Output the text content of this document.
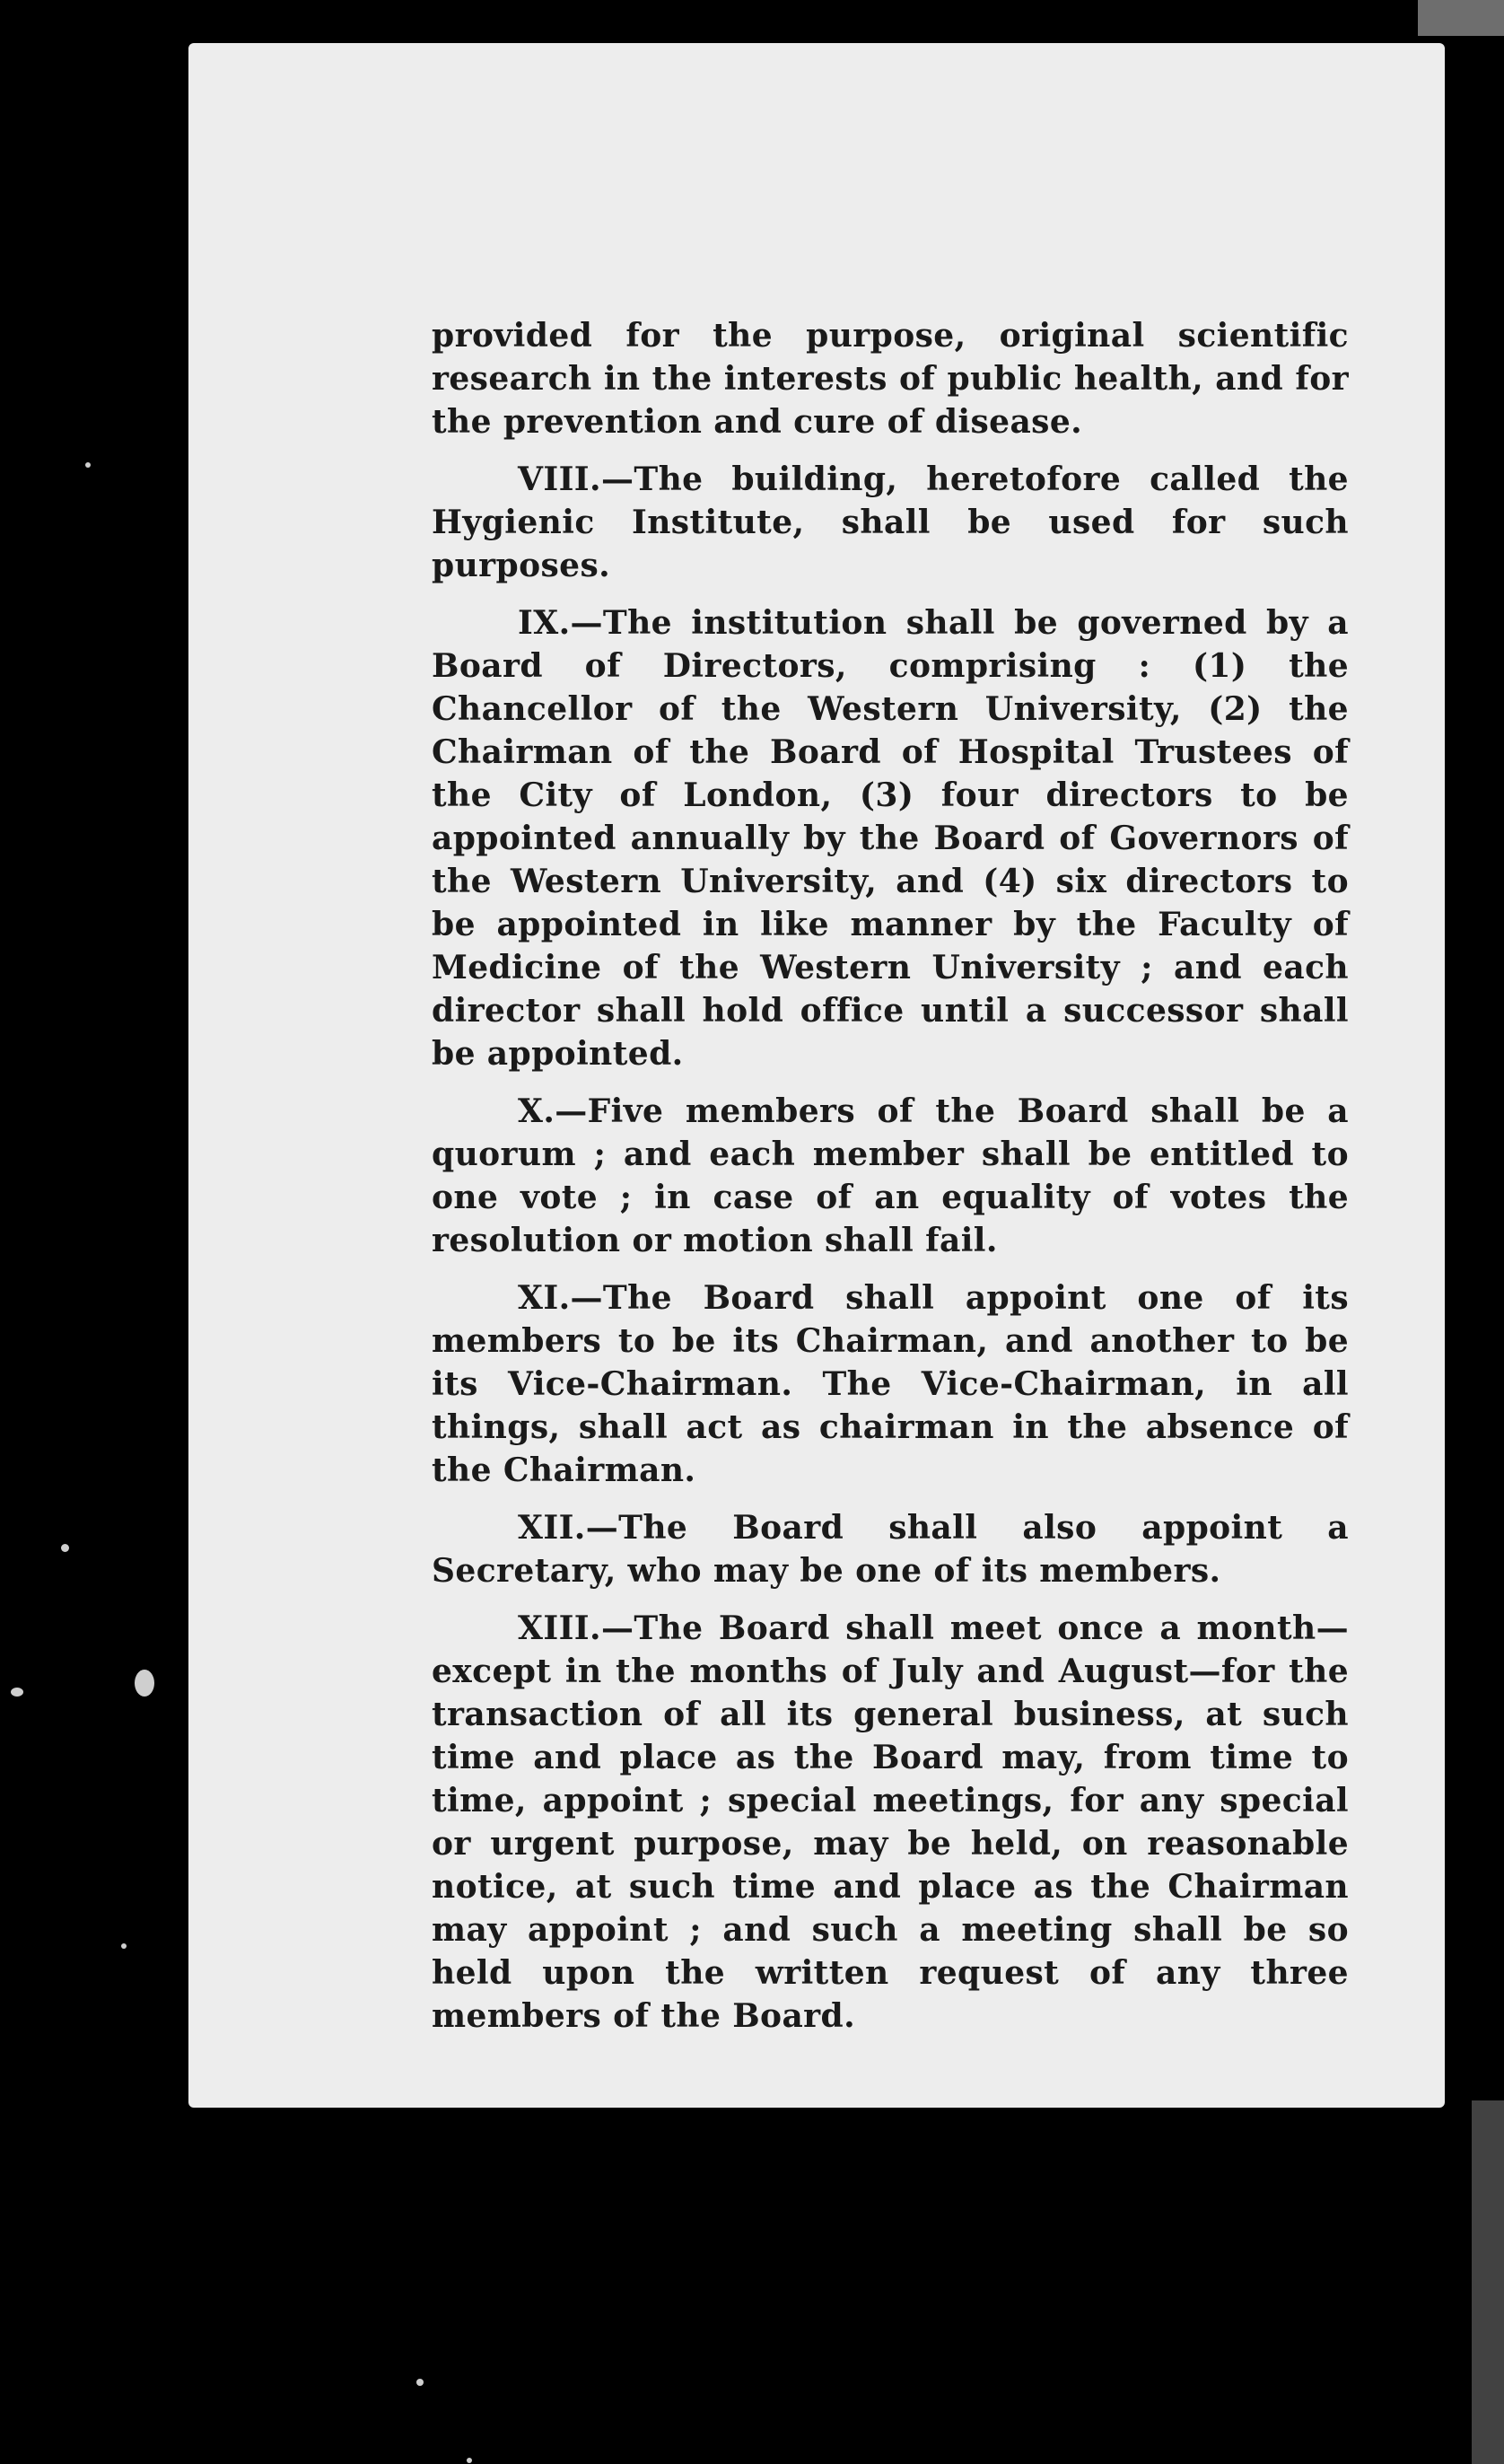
provided for the purpose, original scientific research in the interests of public health, and for the prevention and cure of disease.

VIII.—The building, heretofore called the Hygienic Institute, shall be used for such purposes.

IX.—The institution shall be governed by a Board of Directors, comprising : (1) the Chancellor of the Western University, (2) the Chairman of the Board of Hospital Trustees of the City of London, (3) four directors to be appointed annually by the Board of Governors of the Western University, and (4) six directors to be appointed in like manner by the Faculty of Medicine of the Western University ; and each director shall hold office until a successor shall be appointed.

X.—Five members of the Board shall be a quorum ; and each member shall be entitled to one vote ; in case of an equality of votes the resolution or motion shall fail.

XI.—The Board shall appoint one of its members to be its Chairman, and another to be its Vice-Chairman. The Vice-Chairman, in all things, shall act as chairman in the absence of the Chairman.

XII.—The Board shall also appoint a Secretary, who may be one of its members.

XIII.—The Board shall meet once a month—except in the months of July and August—for the transaction of all its general business, at such time and place as the Board may, from time to time, appoint ; special meetings, for any special or urgent purpose, may be held, on reasonable notice, at such time and place as the Chairman may appoint ; and such a meeting shall be so held upon the written request of any three members of the Board.
